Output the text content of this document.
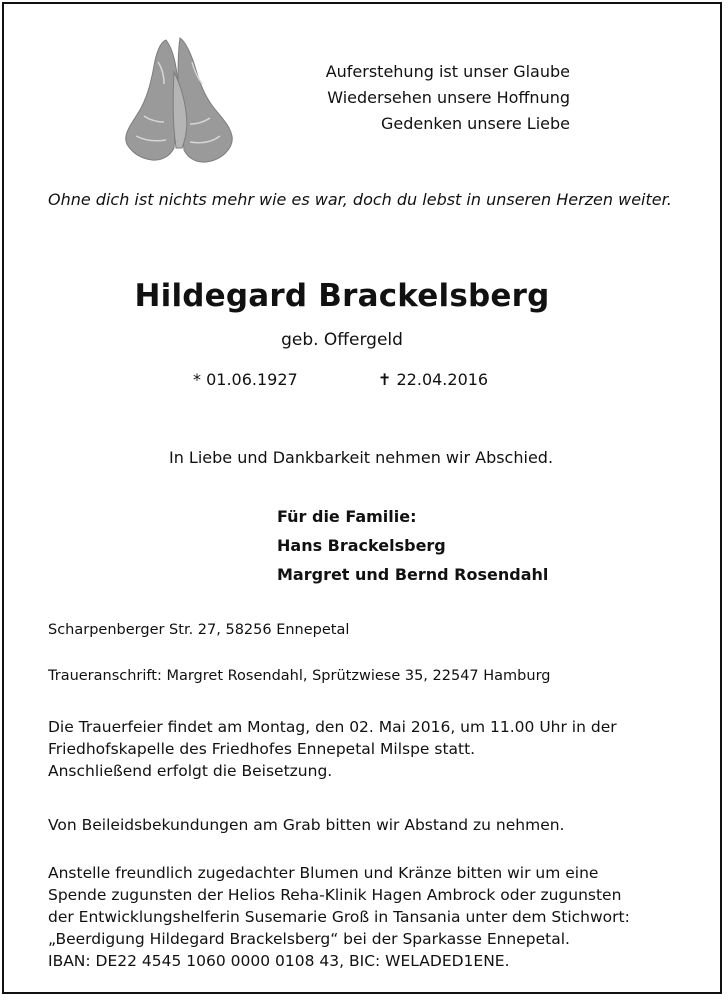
Auferstehung ist unser Glaube
Wiedersehen unsere Hoffnung
Gedenken unsere Liebe
Ohne dich ist nichts mehr wie es war, doch du lebst in unseren Herzen weiter.
Hildegard Brackelsberg
geb. Offergeld
* 01.06.1927	✝ 22.04.2016
In Liebe und Dankbarkeit nehmen wir Abschied.
Für die Familie:
Hans Brackelsberg
Margret und Bernd Rosendahl
Scharpenberger Str. 27, 58256 Ennepetal
Traueranschrift: Margret Rosendahl, Sprützwiese 35, 22547 Hamburg
Die Trauerfeier findet am Montag, den 02. Mai 2016, um 11.00 Uhr in der
Friedhofskapelle des Friedhofes Ennepetal Milspe statt.
Anschließend erfolgt die Beisetzung.
Von Beileidsbekundungen am Grab bitten wir Abstand zu nehmen.
Anstelle freundlich zugedachter Blumen und Kränze bitten wir um eine
Spende zugunsten der Helios Reha-Klinik Hagen Ambrock oder zugunsten
der Entwicklungshelferin Susemarie Groß in Tansania unter dem Stichwort:
„Beerdigung Hildegard Brackelsberg“ bei der Sparkasse Ennepetal.
IBAN: DE22 4545 1060 0000 0108 43, BIC: WELADED1ENE.
